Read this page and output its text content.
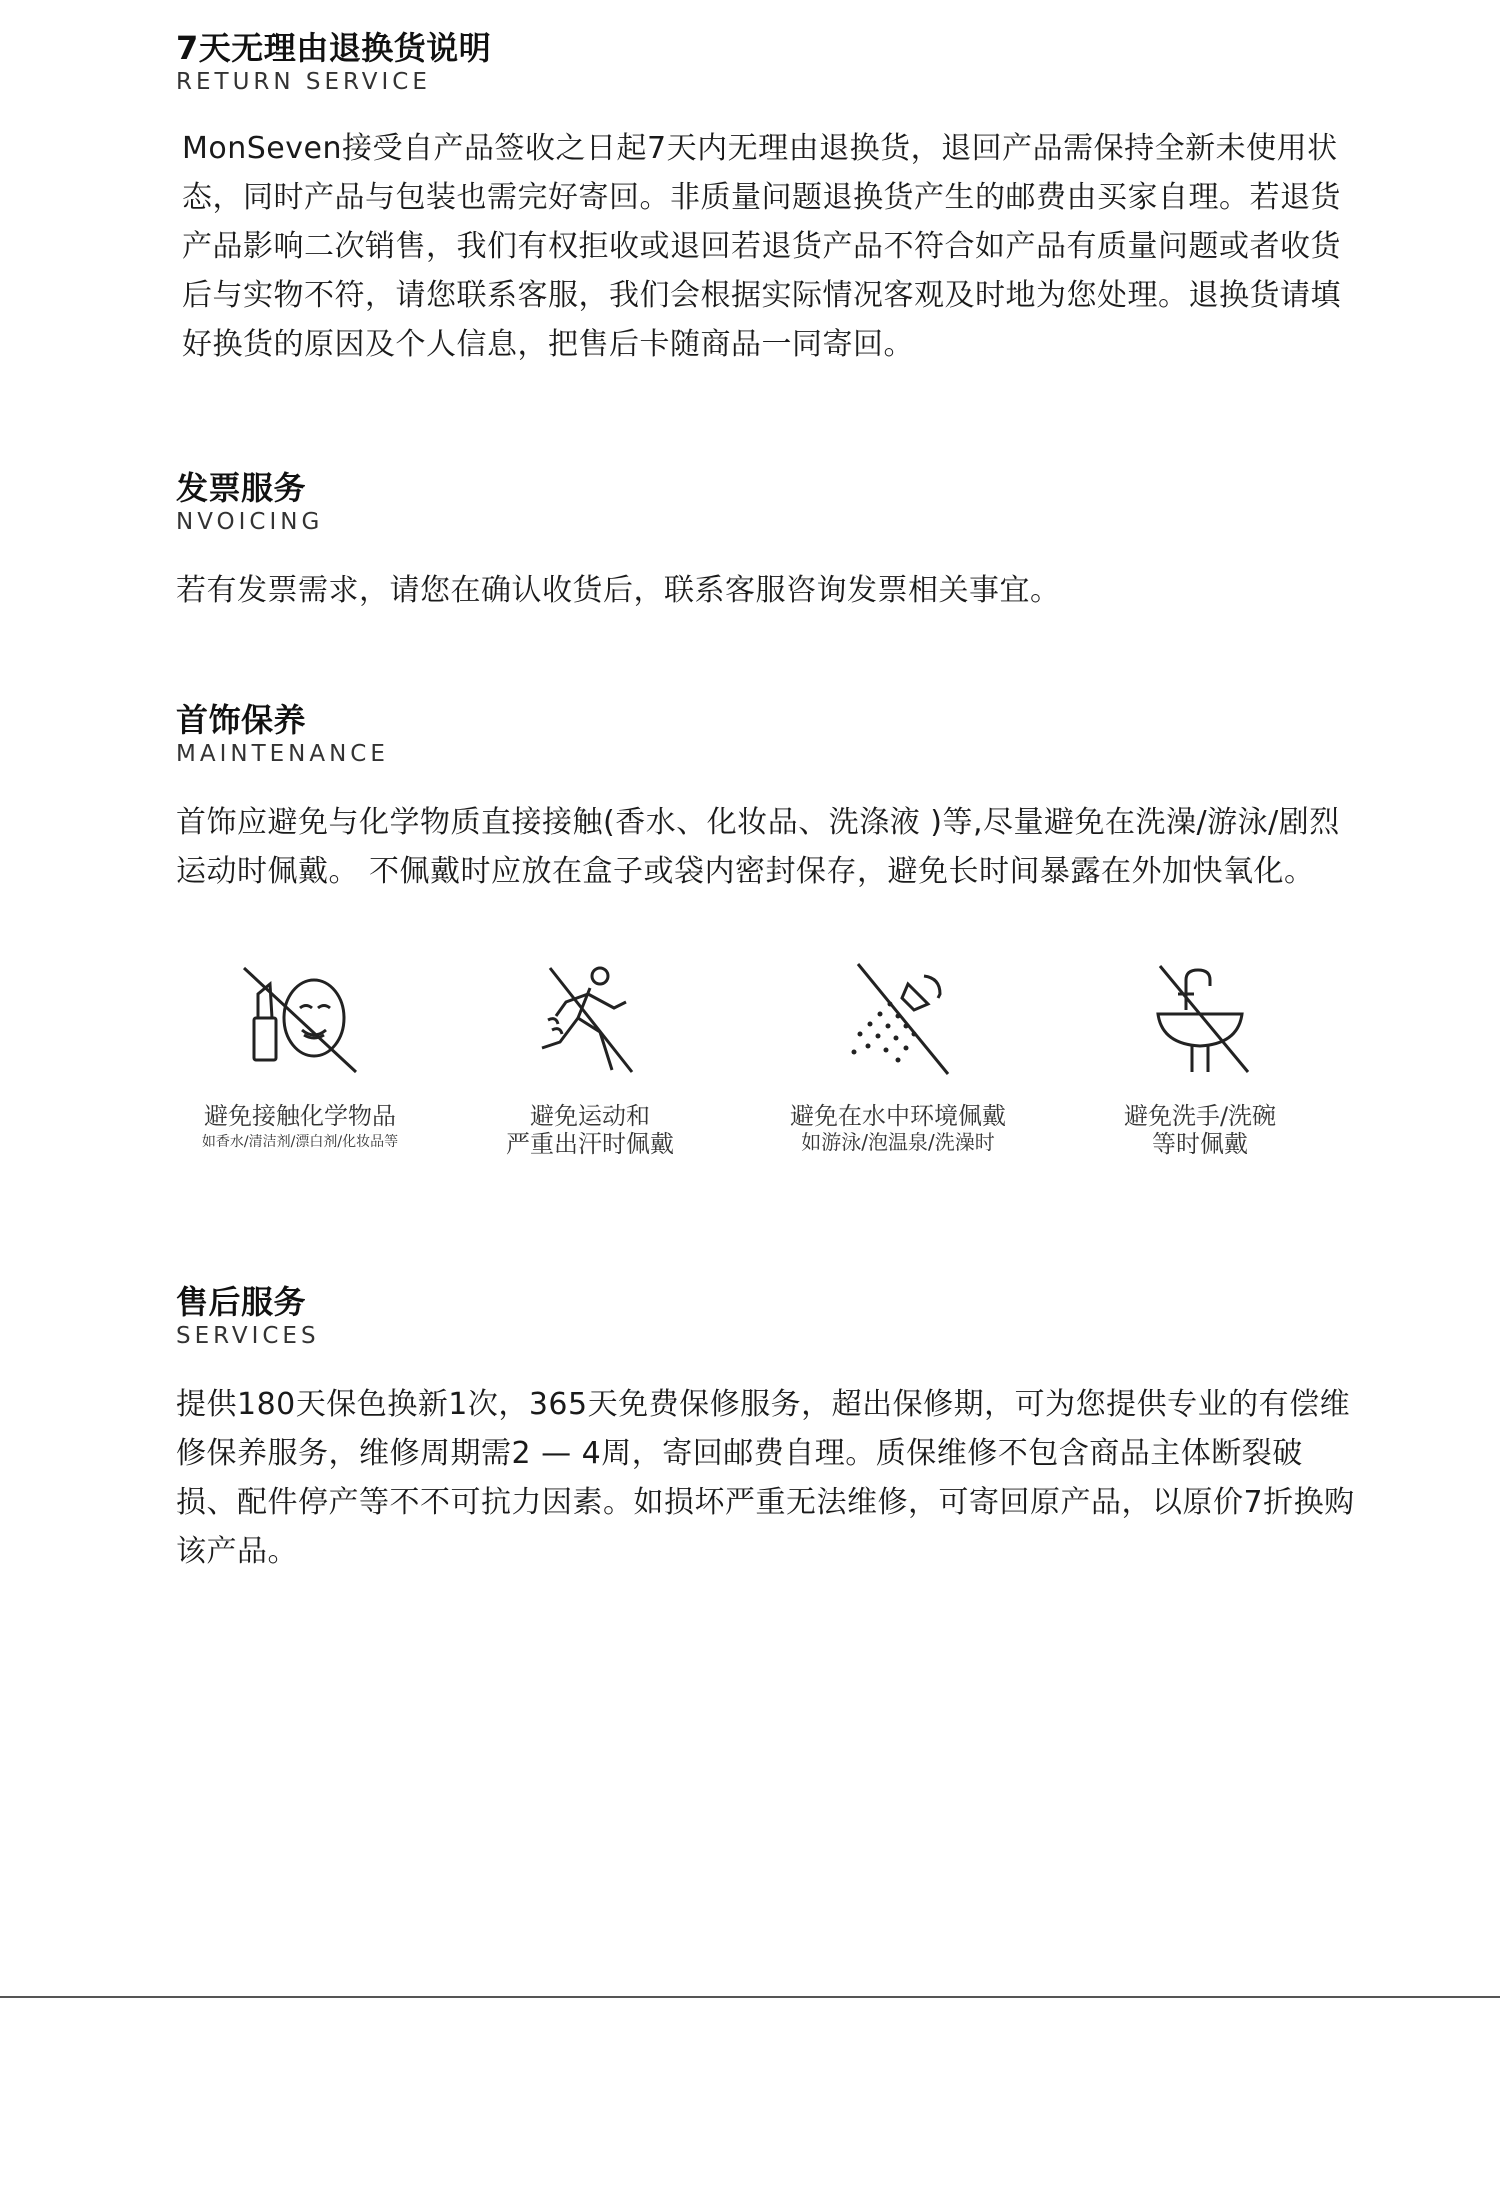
7天无理由退换货说明
RETURN SERVICE
MonSeven接受自产品签收之日起7天内无理由退换货，退回产品需保持全新未使用状态，同时产品与包装也需完好寄回。非质量问题退换货产生的邮费由买家自理。若退货产品影响二次销售，我们有权拒收或退回若退货产品不符合如产品有质量问题或者收货后与实物不符，请您联系客服，我们会根据实际情况客观及时地为您处理。退换货请填好换货的原因及个人信息，把售后卡随商品一同寄回。
发票服务
NVOICING
若有发票需求，请您在确认收货后，联系客服咨询发票相关事宜。
首饰保养
MAINTENANCE
首饰应避免与化学物质直接接触(香水、化妆品、洗涤液 )等,尽量避免在洗澡/游泳/剧烈运动时佩戴。 不佩戴时应放在盒子或袋内密封保存，避免长时间暴露在外加快氧化。
避免接触化学物品
如香水/清洁剂/漂白剂/化妆品等
避免运动和
严重出汗时佩戴
避免在水中环境佩戴
如游泳/泡温泉/洗澡时
避免洗手/洗碗
等时佩戴
售后服务
SERVICES
提供180天保色换新1次，365天免费保修服务，超出保修期，可为您提供专业的有偿维修保养服务，维修周期需2 — 4周，寄回邮费自理。质保维修不包含商品主体断裂破损、配件停产等不不可抗力因素。如损坏严重无法维修，可寄回原产品，以原价7折换购该产品。
